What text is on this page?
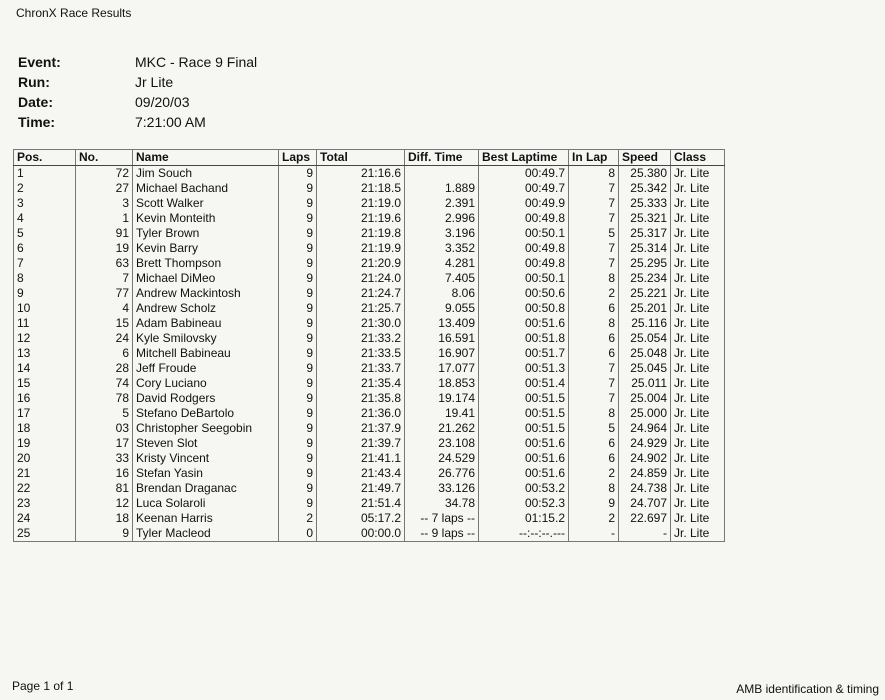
ChronX Race Results
Event:	MKC - Race 9 Final
Run:	Jr Lite
Date:	09/20/03
Time:	7:21:00 AM
Pos.	No.	Name	Laps	Total	Diff. Time	Best Laptime	In Lap	Speed	Class
1	72	Jim Souch	9	21:16.6		00:49.7	8	25.380	Jr. Lite
2	27	Michael Bachand	9	21:18.5	1.889	00:49.7	7	25.342	Jr. Lite
3	3	Scott Walker	9	21:19.0	2.391	00:49.9	7	25.333	Jr. Lite
4	1	Kevin Monteith	9	21:19.6	2.996	00:49.8	7	25.321	Jr. Lite
5	91	Tyler Brown	9	21:19.8	3.196	00:50.1	5	25.317	Jr. Lite
6	19	Kevin Barry	9	21:19.9	3.352	00:49.8	7	25.314	Jr. Lite
7	63	Brett Thompson	9	21:20.9	4.281	00:49.8	7	25.295	Jr. Lite
8	7	Michael DiMeo	9	21:24.0	7.405	00:50.1	8	25.234	Jr. Lite
9	77	Andrew Mackintosh	9	21:24.7	8.06	00:50.6	2	25.221	Jr. Lite
10	4	Andrew Scholz	9	21:25.7	9.055	00:50.8	6	25.201	Jr. Lite
11	15	Adam Babineau	9	21:30.0	13.409	00:51.6	8	25.116	Jr. Lite
12	24	Kyle Smilovsky	9	21:33.2	16.591	00:51.8	6	25.054	Jr. Lite
13	6	Mitchell Babineau	9	21:33.5	16.907	00:51.7	6	25.048	Jr. Lite
14	28	Jeff Froude	9	21:33.7	17.077	00:51.3	7	25.045	Jr. Lite
15	74	Cory Luciano	9	21:35.4	18.853	00:51.4	7	25.011	Jr. Lite
16	78	David Rodgers	9	21:35.8	19.174	00:51.5	7	25.004	Jr. Lite
17	5	Stefano DeBartolo	9	21:36.0	19.41	00:51.5	8	25.000	Jr. Lite
18	03	Christopher Seegobin	9	21:37.9	21.262	00:51.5	5	24.964	Jr. Lite
19	17	Steven Slot	9	21:39.7	23.108	00:51.6	6	24.929	Jr. Lite
20	33	Kristy Vincent	9	21:41.1	24.529	00:51.6	6	24.902	Jr. Lite
21	16	Stefan Yasin	9	21:43.4	26.776	00:51.6	2	24.859	Jr. Lite
22	81	Brendan Draganac	9	21:49.7	33.126	00:53.2	8	24.738	Jr. Lite
23	12	Luca Solaroli	9	21:51.4	34.78	00:52.3	9	24.707	Jr. Lite
24	18	Keenan Harris	2	05:17.2	-- 7 laps --	01:15.2	2	22.697	Jr. Lite
25	9	Tyler Macleod	0	00:00.0	-- 9 laps --	--:--:--.---	-	-	Jr. Lite
Page 1 of 1	AMB identification & timing
